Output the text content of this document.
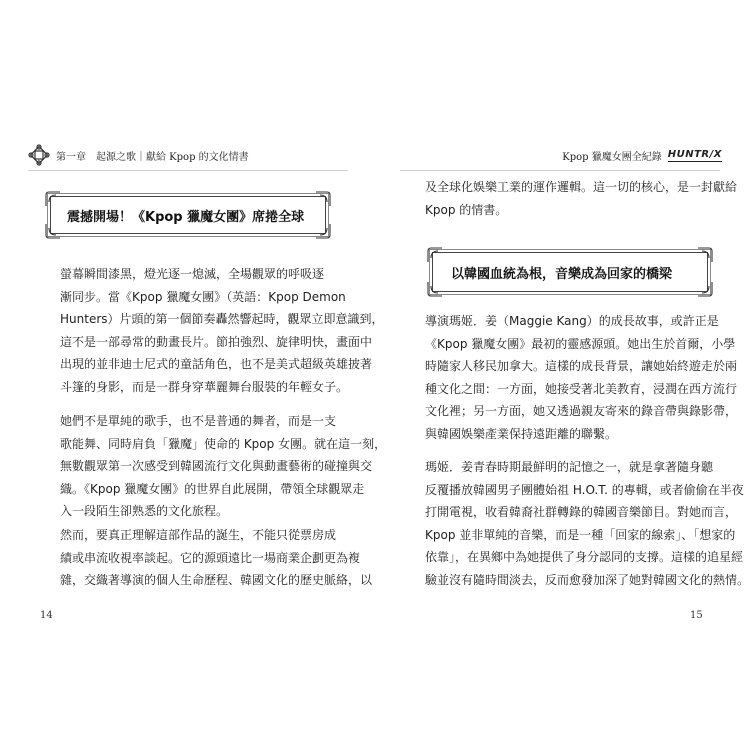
第一章　起源之歌｜獻給 Kpop 的文化情書
震撼開場！《Kpop 獵魔女團》席捲全球

螢幕瞬間漆黑，燈光逐一熄滅，全場觀眾的呼吸逐
漸同步。當《Kpop 獵魔女團》（英語：Kpop Demon
Hunters）片頭的第一個節奏轟然響起時，觀眾立即意識到，
這不是一部尋常的動畫長片。節拍強烈、旋律明快，畫面中
出現的並非迪士尼式的童話角色，也不是美式超級英雄披著
斗篷的身影，而是一群身穿華麗舞台服裝的年輕女子。

她們不是單純的歌手，也不是普通的舞者，而是一支
歌能舞、同時肩負「獵魔」使命的 Kpop 女團。就在這一刻，
無數觀眾第一次感受到韓國流行文化與動畫藝術的碰撞與交
織。《Kpop 獵魔女團》的世界自此展開，帶領全球觀眾走
入一段陌生卻熟悉的文化旅程。

然而，要真正理解這部作品的誕生，不能只從票房成
績或串流收視率談起。它的源頭遠比一場商業企劃更為複
雜，交織著導演的個人生命歷程、韓國文化的歷史脈絡，以

14
Kpop 獵魔女團全紀錄 HUNTR/X

及全球化娛樂工業的運作邏輯。這一切的核心，是一封獻給
Kpop 的情書。

以韓國血統為根，音樂成為回家的橋梁

導演瑪姬．姜（Maggie Kang）的成長故事，或許正是
《Kpop 獵魔女團》最初的靈感源頭。她出生於首爾，小學
時隨家人移民加拿大。這樣的成長背景，讓她始終遊走於兩
種文化之間：一方面，她接受著北美教育，浸潤在西方流行
文化裡；另一方面，她又透過親友寄來的錄音帶與錄影帶，
與韓國娛樂產業保持遠距離的聯繫。

瑪姬．姜青春時期最鮮明的記憶之一，就是拿著隨身聽
反覆播放韓國男子團體始祖 H.O.T. 的專輯，或者偷偷在半夜
打開電視，收看韓裔社群轉錄的韓國音樂節目。對她而言，
Kpop 並非單純的音樂，而是一種「回家的線索」、「想家的
依靠」，在異鄉中為她提供了身分認同的支撐。這樣的追星經
驗並沒有隨時間淡去，反而愈發加深了她對韓國文化的熱情。

15
